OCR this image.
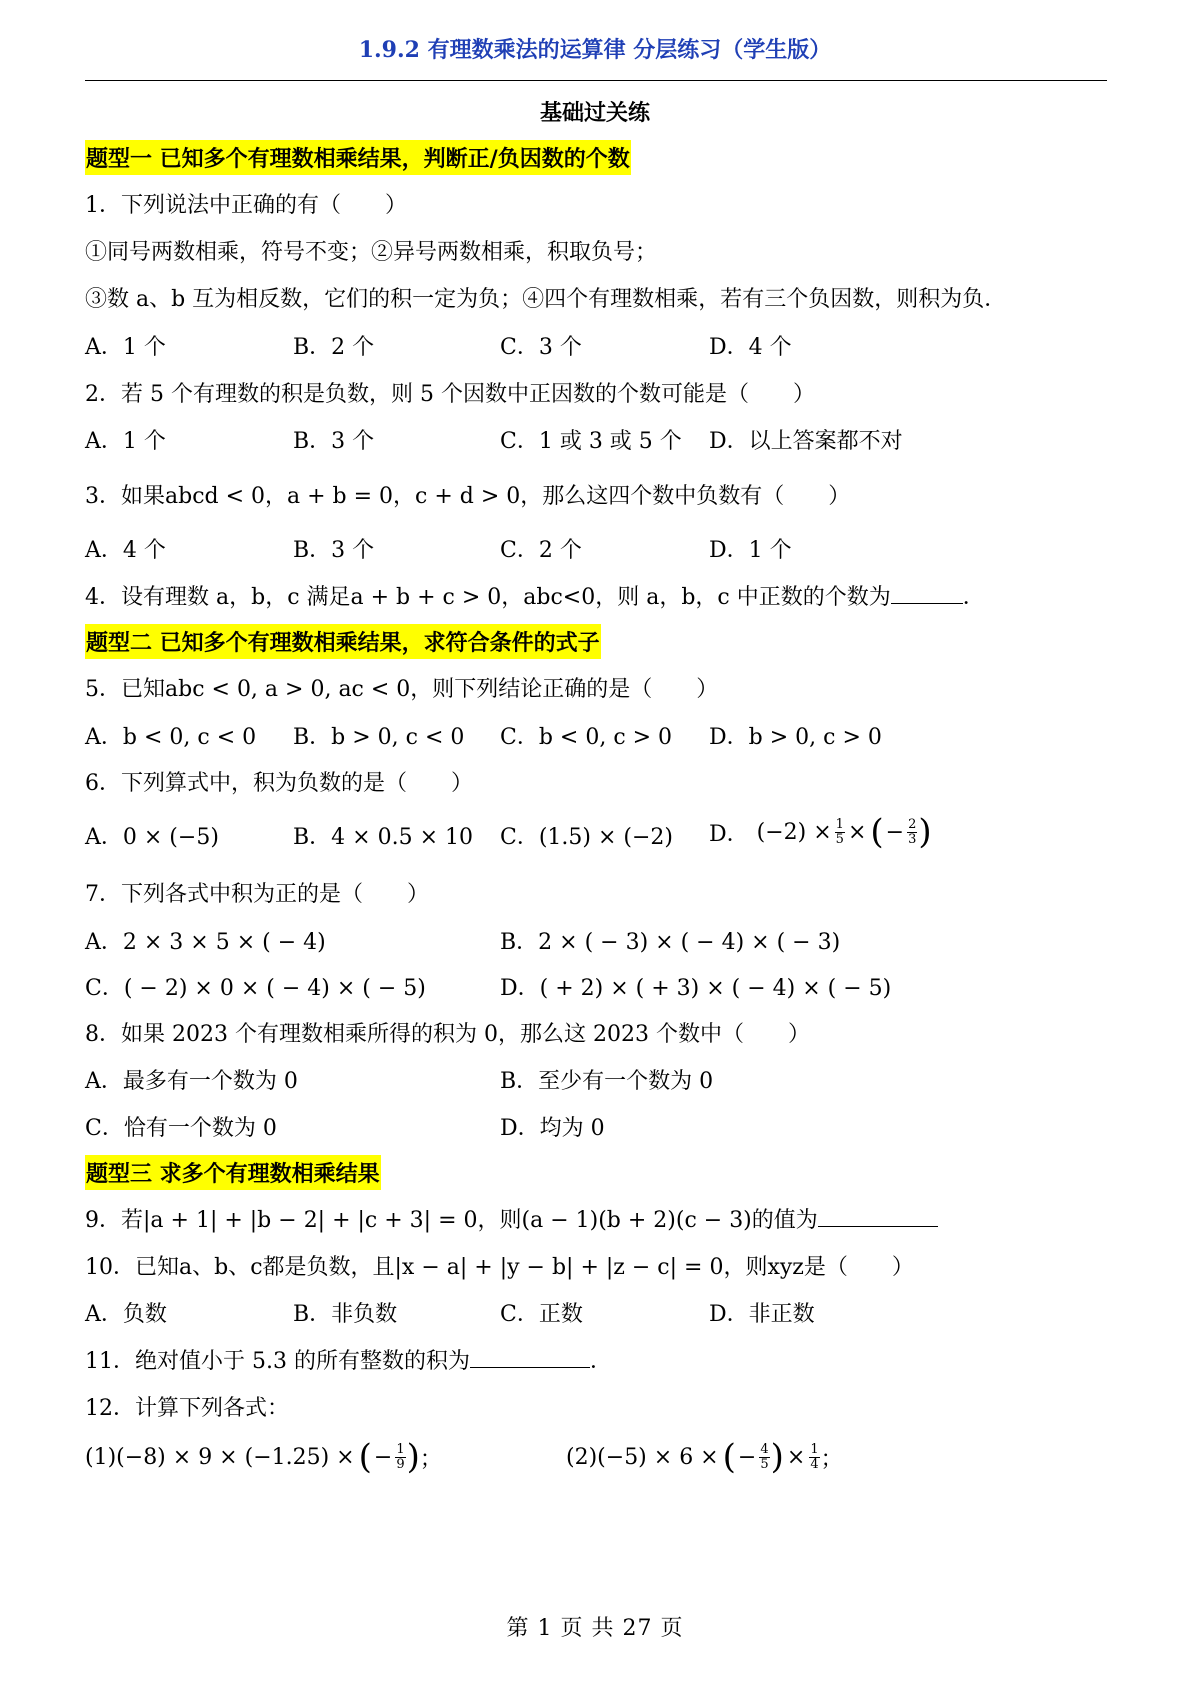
1.9.2 有理数乘法的运算律 分层练习（学生版）
基础过关练
题型一 已知多个有理数相乘结果，判断正/负因数的个数
1．下列说法中正确的有（　　）
①同号两数相乘，符号不变；②异号两数相乘，积取负号；
③数 a、b 互为相反数，它们的积一定为负；④四个有理数相乘，若有三个负因数，则积为负．
A．1 个	B．2 个	C．3 个	D．4 个
2．若 5 个有理数的积是负数，则 5 个因数中正因数的个数可能是（　　）
A．1 个	B．3 个	C．1 或 3 或 5 个 D．以上答案都不对
3．如果abcd < 0，a + b = 0，c + d > 0，那么这四个数中负数有（　　）
A．4 个	B．3 个	C．2 个	D．1 个
4．设有理数 a，b，c 满足a + b + c > 0，abc<0，则 a，b，c 中正数的个数为	．
题型二 已知多个有理数相乘结果，求符合条件的式子
5．已知abc < 0, a > 0, ac < 0，则下列结论正确的是（　　）
A．b < 0, c < 0 B．b > 0, c < 0 C．b < 0, c > 0 D．b > 0, c > 0
6．下列算式中，积为负数的是（　　）
A．0 × (−5)	B．4 × 0.5 × 10 C．(1.5) × (−2) D． $(-2) \times \frac{1}{5}$ × ( − $\frac{2}{3}$ )
7．下列各式中积为正的是（　　）
A．2 × 3 × 5 × ( − 4)	B．2 × ( − 3) × ( − 4) × ( − 3)
C．( − 2) × 0 × ( − 4) × ( − 5)	D．( + 2) × ( + 3) × ( − 4) × ( − 5)
8．如果 2023 个有理数相乘所得的积为 0，那么这 2023 个数中（　　）
A．最多有一个数为 0	B．至少有一个数为 0
C．恰有一个数为 0	D．均为 0
题型三 求多个有理数相乘结果
9．若|a + 1| + |b − 2| + |c + 3| = 0，则(a − 1)(b + 2)(c − 3)的值为
10．已知a、b、c都是负数，且|x − a| + |y − b| + |z − c| = 0，则xyz是（　　）
A．负数	B．非负数	C．正数	D．非正数
11．绝对值小于 5.3 的所有整数的积为	．
12．计算下列各式：
(1) (−8) × 9 × (−1.25) × ( − $\frac{1}{9}$ ) ；	(2) (−5) × 6 × ( − $\frac{4}{5}$ ) × $\frac{1}{4}$ ；
第 1 页 共 27 页
